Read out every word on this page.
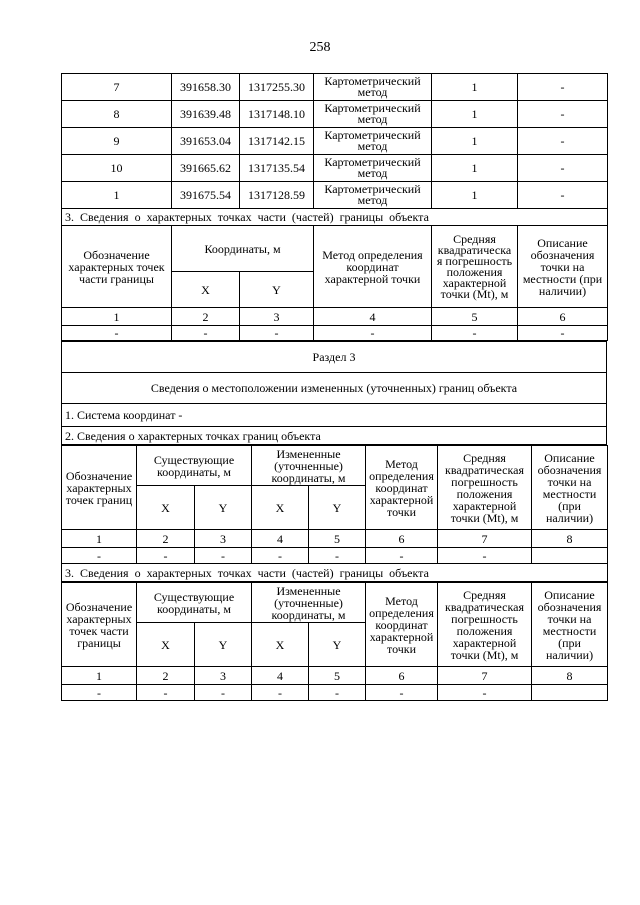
258
7	391658.30	1317255.30	Картометрический метод	1	-
8	391639.48	1317148.10	Картометрический метод	1	-
9	391653.04	1317142.15	Картометрический метод	1	-
10	391665.62	1317135.54	Картометрический метод	1	-
1	391675.54	1317128.59	Картометрический метод	1	-
3. Сведения о характерных точках части (частей) границы объекта					
Обозначение характерных точек части границы	Координаты, м		Метод определения координат характерной точки	Средняя квадратическа я погрешность положения характерной точки (Mt), м	Описание обозначения точки на местности (при наличии)
	X	Y			
1	2	3	4	5	6
-	-	-	-	-	-
Раздел 3
Сведения о местоположении измененных (уточненных) границ объекта
1. Система координат -
2. Сведения о характерных точках границ объекта
Обозначение характерных точек границ	Существующие координаты, м		Измененные (уточненные) координаты, м		Метод определения координат характерной точки	Средняя квадратическая погрешность положения характерной точки (Mt), м	Описание обозначения точки на местности (при наличии)
	X	Y	X	Y			
1	2	3	4	5	6	7	8
-	-	-	-	-	-	-	
3. Сведения о характерных точках части (частей) границы объекта							
Обозначение характерных точек части границы	Существующие координаты, м		Измененные (уточненные) координаты, м		Метод определения координат характерной точки	Средняя квадратическая погрешность положения характерной точки (Mt), м	Описание обозначения точки на местности (при наличии)
	X	Y	X	Y			
1	2	3	4	5	6	7	8
-	-	-	-	-	-	-	
